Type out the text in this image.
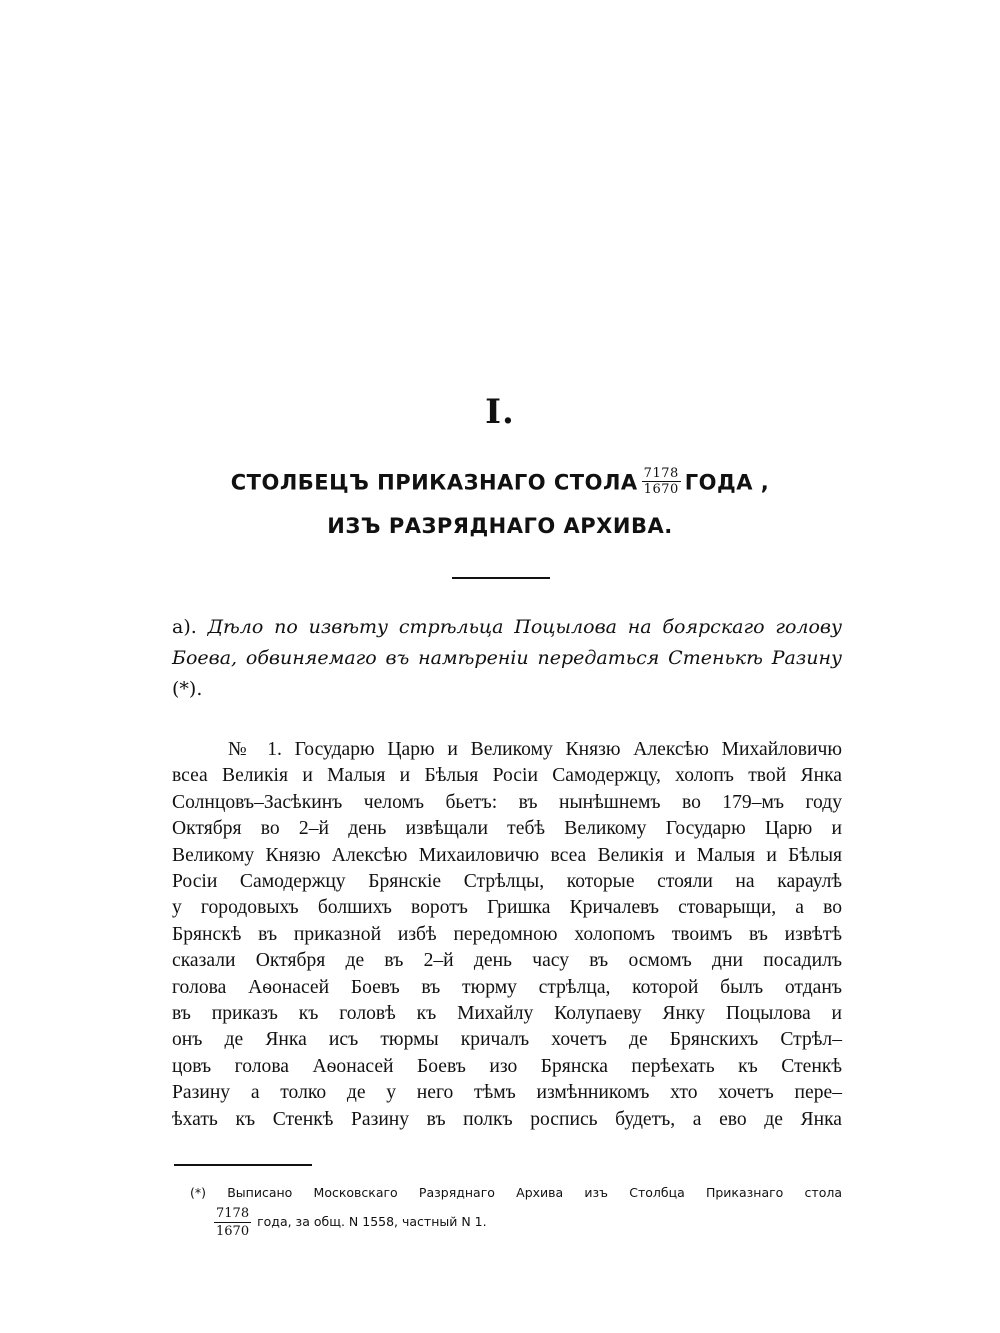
I.
СТОЛБЕЦЪ ПРИКАЗНАГО СТОЛА $\frac{7178}{1670}$ ГОДА ,
ИЗЪ РАЗРЯДНАГО АРХИВА.
а). Дѣло по извѣту стрѣльца Поцылова на боярскаго голову Боева, обвиняемаго въ намѣреніи передаться Стенькѣ Разину (*).
№ 1. Государю Царю и Великому Князю Алексѣю Михайловичю
всеа Великія и Малыя и Бѣлыя Росіи Самодержцу, холопъ твой Янка
Солнцовъ–Засѣкинъ челомъ бьетъ: въ нынѣшнемъ во 179–мъ году
Октября во 2–й день извѣщали тебѣ Великому Государю Царю и
Великому Князю Алексѣю Михаиловичю всеа Великія и Малыя и Бѣлыя
Росіи Самодержцу Брянскіе Стрѣлцы, которые стояли на караулѣ
у городовыхъ болшихъ воротъ Гришка Кричалевъ стоварыщи, а во
Брянскѣ въ приказной избѣ передомною холопомъ твоимъ въ извѣтѣ
сказали Октября де въ 2–й день часу въ осмомъ дни посадилъ
голова Аѳонасей Боевъ въ тюрму стрѣлца, которой былъ отданъ
въ приказъ къ головѣ къ Михайлу Колупаеву Янку Поцылова и
онъ де Янка исъ тюрмы кричалъ хочетъ де Брянскихъ Стрѣл–
цовъ голова Аѳонасей Боевъ изо Брянска перѣехать къ Стенкѣ
Разину а толко де у него тѣмъ измѣнникомъ хто хочетъ пере–
ѣхать къ Стенкѣ Разину въ полкъ роспись будетъ, а ево де Янка
(*) Выписано Московскаго Разряднаго Архива изъ Столбца Приказнаго стола
$\frac{7178}{1670}$ года, за общ. N 1558, частный N 1.
